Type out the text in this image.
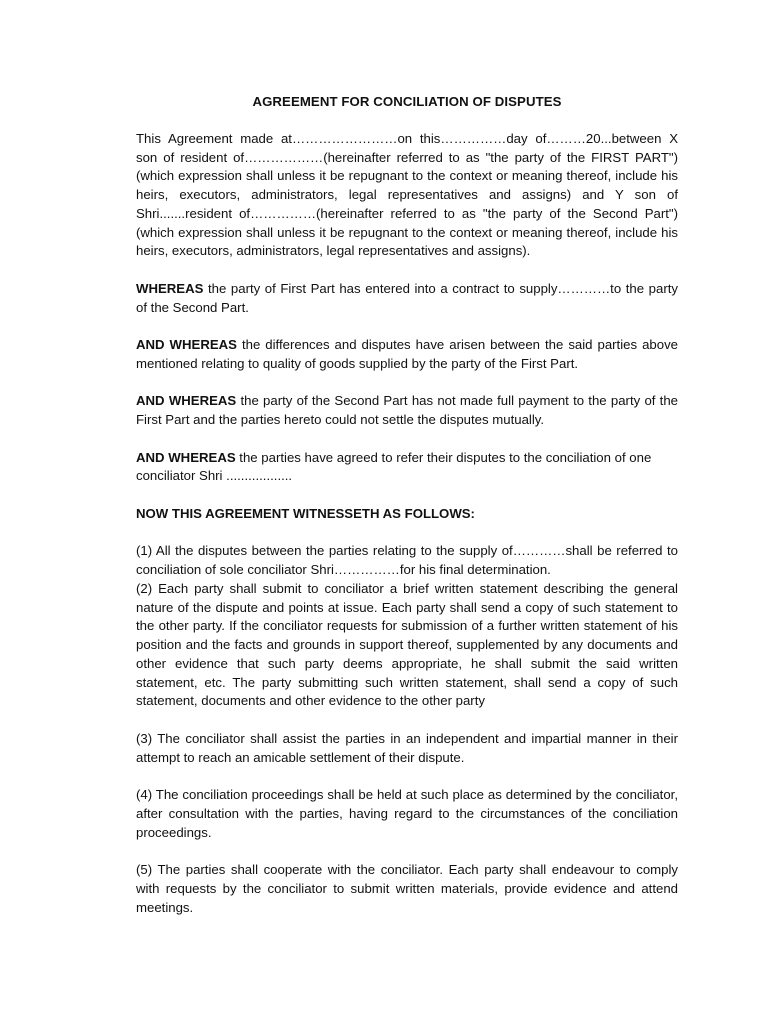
AGREEMENT FOR CONCILIATION OF DISPUTES

This Agreement made at……………………on this……………day of………20...between X son of resident of………………(hereinafter referred to as "the party of the FIRST PART") (which expression shall unless it be repugnant to the context or meaning thereof, include his heirs, executors, administrators, legal representatives and assigns) and Y son of Shri.......resident of……………(hereinafter referred to as "the party of the Second Part") (which expression shall unless it be repugnant to the context or meaning thereof, include his heirs, executors, administrators, legal representatives and assigns).

WHEREAS the party of First Part has entered into a contract to supply…………to the party of the Second Part.

AND WHEREAS the differences and disputes have arisen between the said parties above mentioned relating to quality of goods supplied by the party of the First Part.

AND WHEREAS the party of the Second Part has not made full payment to the party of the First Part and the parties hereto could not settle the disputes mutually.

AND WHEREAS the parties have agreed to refer their disputes to the conciliation of one conciliator Shri ..................

NOW THIS AGREEMENT WITNESSETH AS FOLLOWS:

(1) All the disputes between the parties relating to the supply of…………shall be referred to conciliation of sole conciliator Shri……………for his final determination.

(2) Each party shall submit to conciliator a brief written statement describing the general nature of the dispute and points at issue. Each party shall send a copy of such statement to the other party. If the conciliator requests for submission of a further written statement of his position and the facts and grounds in support thereof, supplemented by any documents and other evidence that such party deems appropriate, he shall submit the said written statement, etc. The party submitting such written statement, shall send a copy of such statement, documents and other evidence to the other party

(3) The conciliator shall assist the parties in an independent and impartial manner in their attempt to reach an amicable settlement of their dispute.

(4) The conciliation proceedings shall be held at such place as determined by the conciliator, after consultation with the parties, having regard to the circumstances of the conciliation proceedings.

(5) The parties shall cooperate with the conciliator. Each party shall endeavour to comply with requests by the conciliator to submit written materials, provide evidence and attend meetings.
